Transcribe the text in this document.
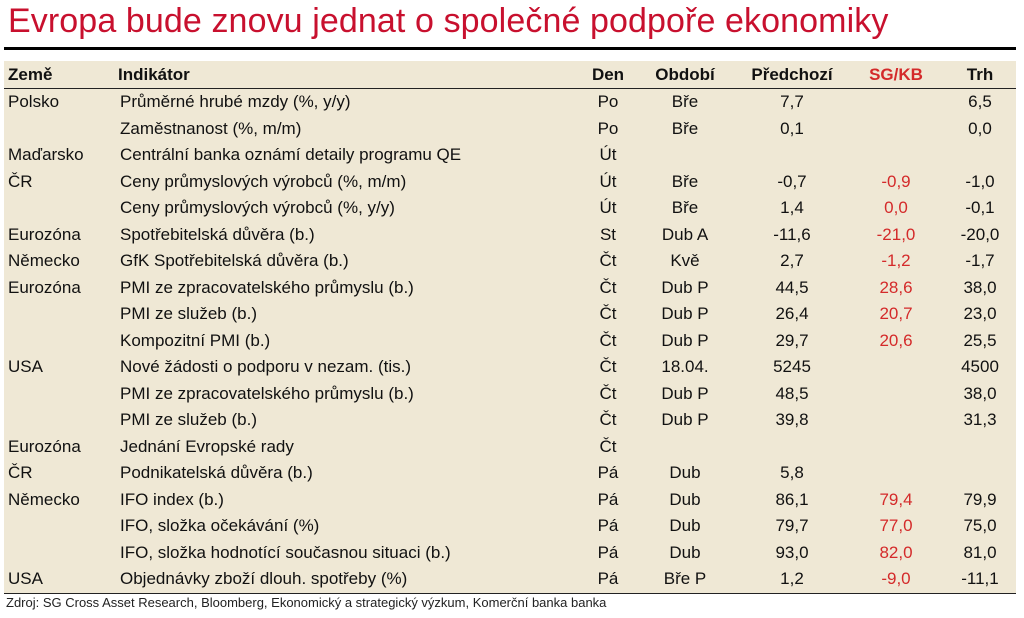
Evropa bude znovu jednat o společné podpoře ekonomiky
Země	Indikátor	Den	Období	Předchozí	SG/KB	Trh
Polsko	Průměrné hrubé mzdy (%, y/y)	Po	Bře	7,7		6,5
	Zaměstnanost (%, m/m)	Po	Bře	0,1		0,0
Maďarsko	Centrální banka oznámí detaily programu QE	Út				
ČR	Ceny průmyslových výrobců (%, m/m)	Út	Bře	-0,7	-0,9	-1,0
	Ceny průmyslových výrobců (%, y/y)	Út	Bře	1,4	0,0	-0,1
Eurozóna	Spotřebitelská důvěra (b.)	St	Dub A	-11,6	-21,0	-20,0
Německo	GfK Spotřebitelská důvěra (b.)	Čt	Kvě	2,7	-1,2	-1,7
Eurozóna	PMI ze zpracovatelského průmyslu (b.)	Čt	Dub P	44,5	28,6	38,0
	PMI ze služeb (b.)	Čt	Dub P	26,4	20,7	23,0
	Kompozitní PMI (b.)	Čt	Dub P	29,7	20,6	25,5
USA	Nové žádosti o podporu v nezam. (tis.)	Čt	18.04.	5245		4500
	PMI ze zpracovatelského průmyslu (b.)	Čt	Dub P	48,5		38,0
	PMI ze služeb (b.)	Čt	Dub P	39,8		31,3
Eurozóna	Jednání Evropské rady	Čt				
ČR	Podnikatelská důvěra (b.)	Pá	Dub	5,8		
Německo	IFO index (b.)	Pá	Dub	86,1	79,4	79,9
	IFO, složka očekávání (%)	Pá	Dub	79,7	77,0	75,0
	IFO, složka hodnotící současnou situaci (b.)	Pá	Dub	93,0	82,0	81,0
USA	Objednávky zboží dlouh. spotřeby (%)	Pá	Bře P	1,2	-9,0	-11,1
Zdroj: SG Cross Asset Research, Bloomberg, Ekonomický a strategický výzkum, Komerční banka banka
